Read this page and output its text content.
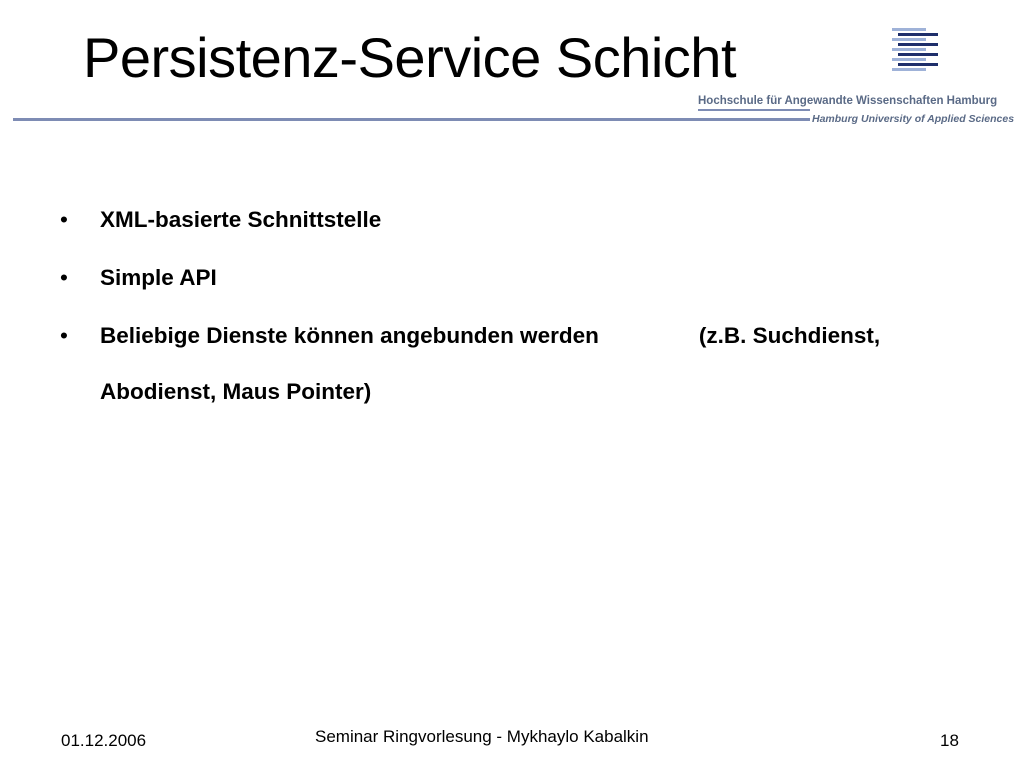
Persistenz-Service Schicht
Hochschule für Angewandte Wissenschaften Hamburg
Hamburg University of Applied Sciences
• XML-basierte Schnittstelle
• Simple API
• Beliebige Dienste können angebunden werden                (z.B. Suchdienst, Abodienst, Maus Pointer)
01.12.2006	Seminar Ringvorlesung - Mykhaylo Kabalkin	18
